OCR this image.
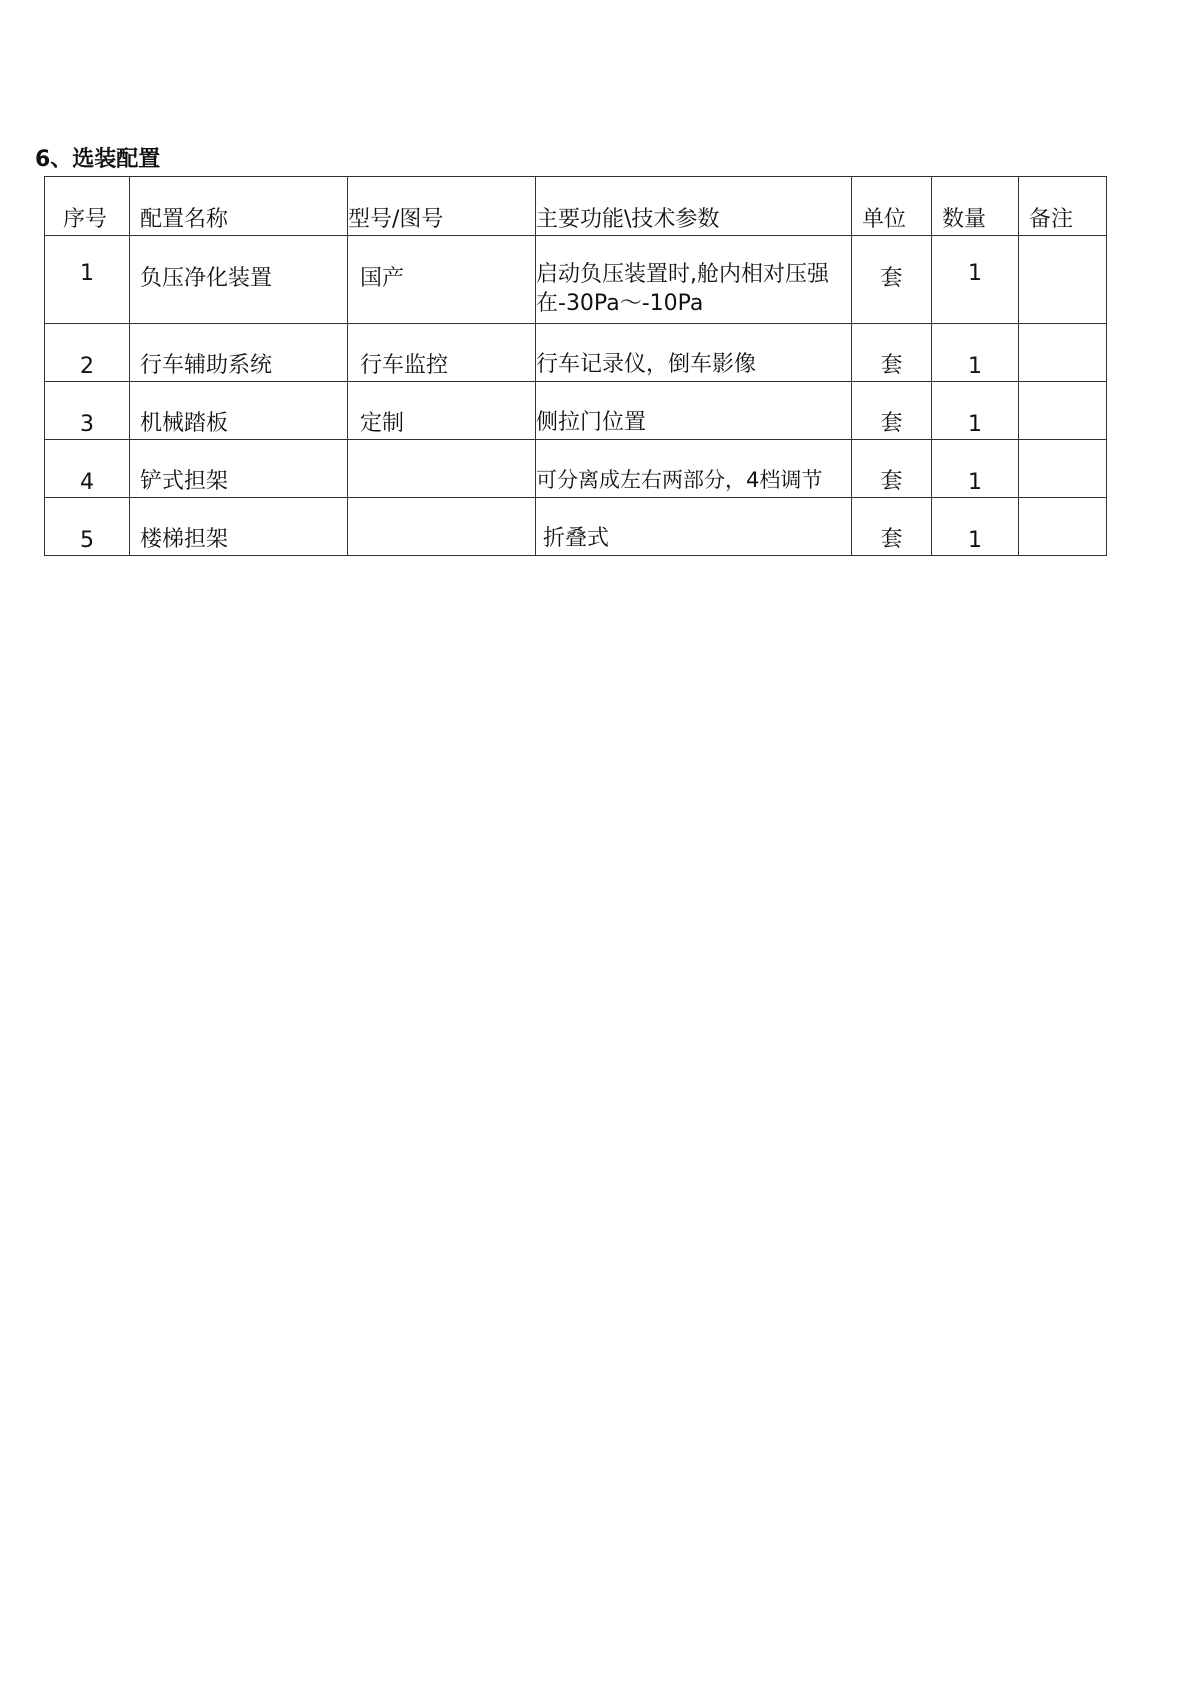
6、选装配置
序号	配置名称	型号/图号	主要功能\技术参数	单位	数量	备注
1	负压净化装置	国产	启动负压装置时,舱内相对压强
在-30Pa～-10Pa	套	1	
2	行车辅助系统	行车监控	行车记录仪，倒车影像	套	1	
3	机械踏板	定制	侧拉门位置	套	1	
4	铲式担架		可分离成左右两部分，4档调节	套	1	
5	楼梯担架		折叠式	套	1	
